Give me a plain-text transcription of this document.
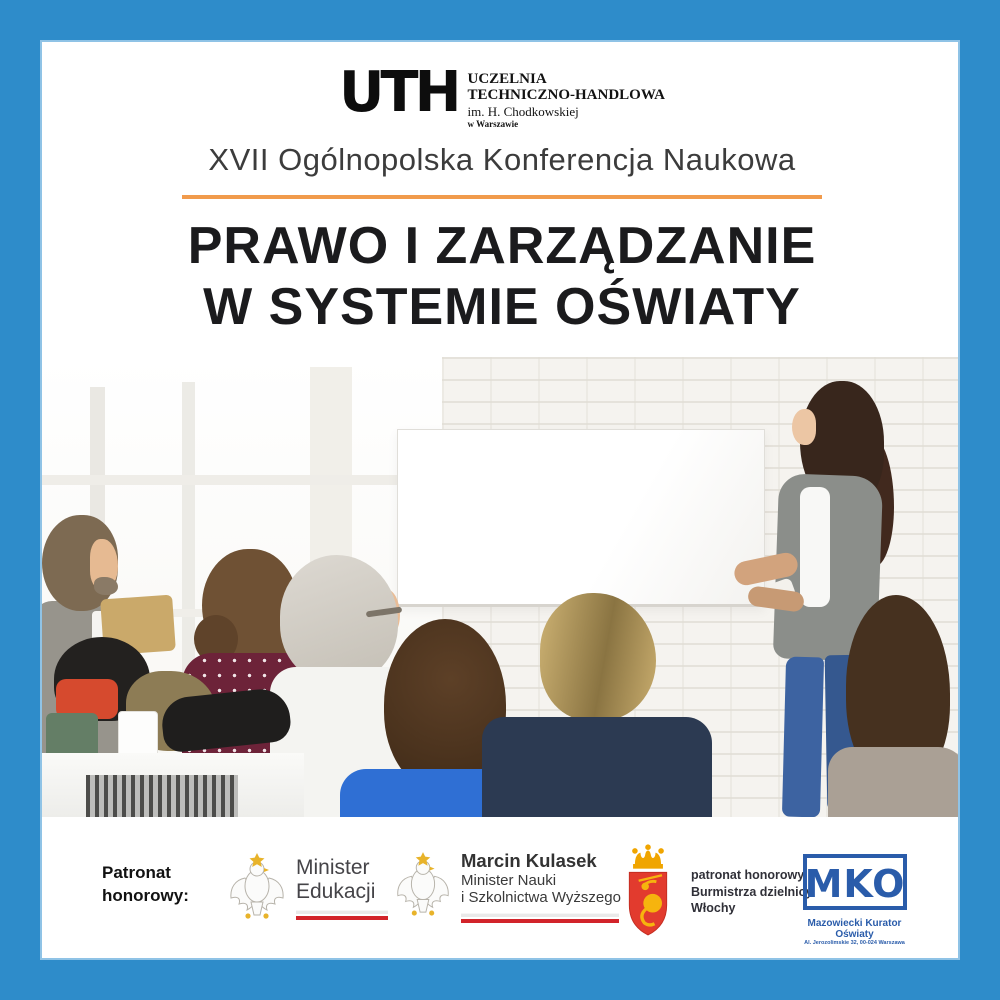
UTH UCZELNIA
TECHNICZNO-HANDLOWA
im. H. Chodkowskiej
w Warszawie
XVII Ogólnopolska Konferencja Naukowa
PRAWO I ZARZĄDZANIE
W SYSTEMIE OŚWIATY
Patronat
honorowy:
Minister
Edukacji
Marcin Kulasek
Minister Nauki
i Szkolnictwa Wyższego
patronat honorowy
Burmistrza dzielnicy
Włochy
MKO
Mazowiecki Kurator Oświaty
Al. Jerozolimskie 32, 00-024 Warszawa
